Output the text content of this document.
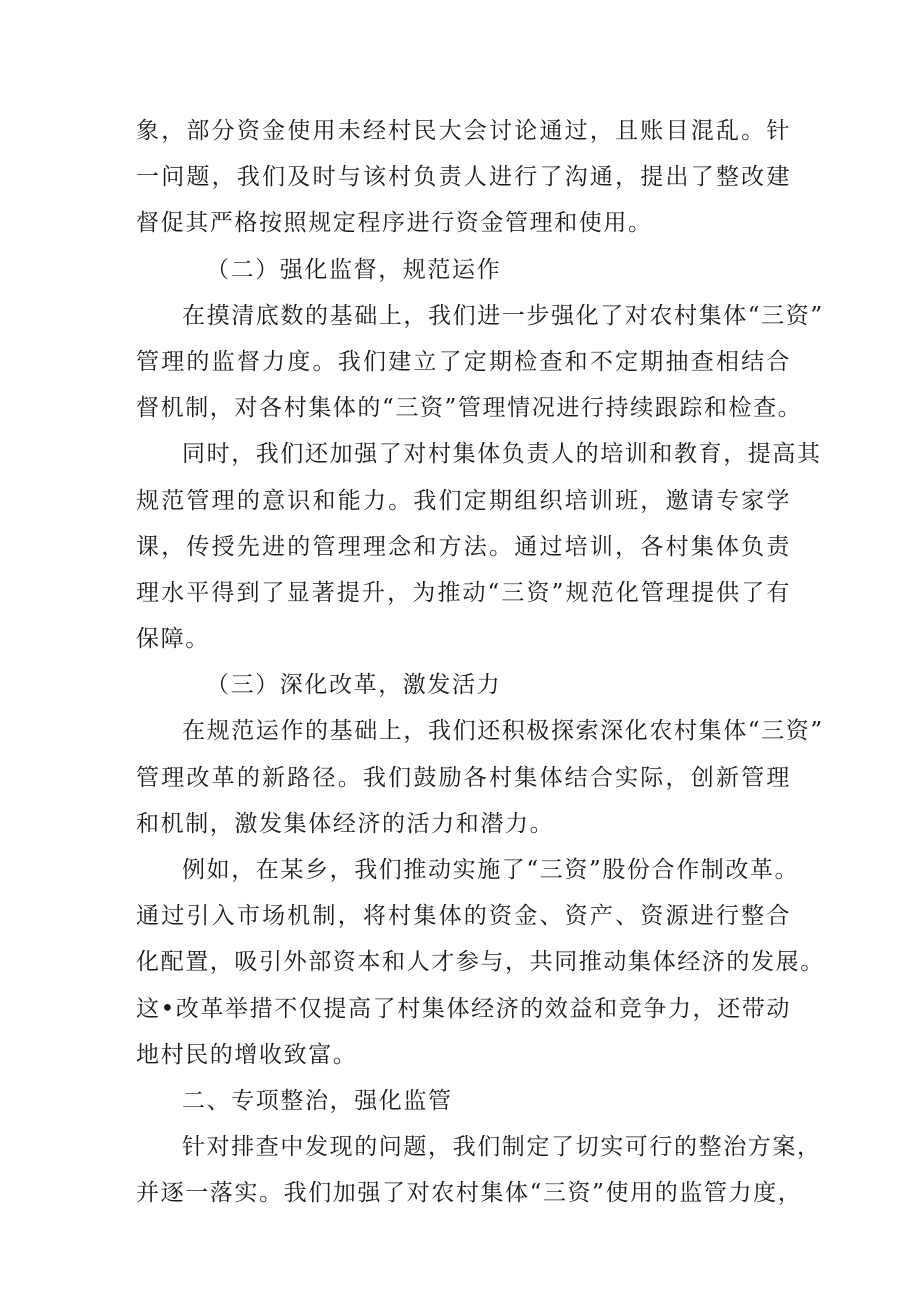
象，部分资金使用未经村民大会讨论通过，且账目混乱。针
一问题，我们及时与该村负责人进行了沟通，提出了整改建
督促其严格按照规定程序进行资金管理和使用。
（二）强化监督，规范运作
在摸清底数的基础上，我们进一步强化了对农村集体“三资”
管理的监督力度。我们建立了定期检查和不定期抽查相结合
督机制，对各村集体的“三资”管理情况进行持续跟踪和检查。
同时，我们还加强了对村集体负责人的培训和教育，提高其
规范管理的意识和能力。我们定期组织培训班，邀请专家学
课，传授先进的管理理念和方法。通过培训，各村集体负责
理水平得到了显著提升，为推动“三资”规范化管理提供了有
保障。
（三）深化改革，激发活力
在规范运作的基础上，我们还积极探索深化农村集体“三资”
管理改革的新路径。我们鼓励各村集体结合实际，创新管理
和机制，激发集体经济的活力和潜力。
例如，在某乡，我们推动实施了“三资”股份合作制改革。
通过引入市场机制，将村集体的资金、资产、资源进行整合
化配置，吸引外部资本和人才参与，共同推动集体经济的发展。
这•改革举措不仅提高了村集体经济的效益和竞争力，还带动
地村民的增收致富。
二、专项整治，强化监管
针对排查中发现的问题，我们制定了切实可行的整治方案，
并逐一落实。我们加强了对农村集体“三资”使用的监管力度，
